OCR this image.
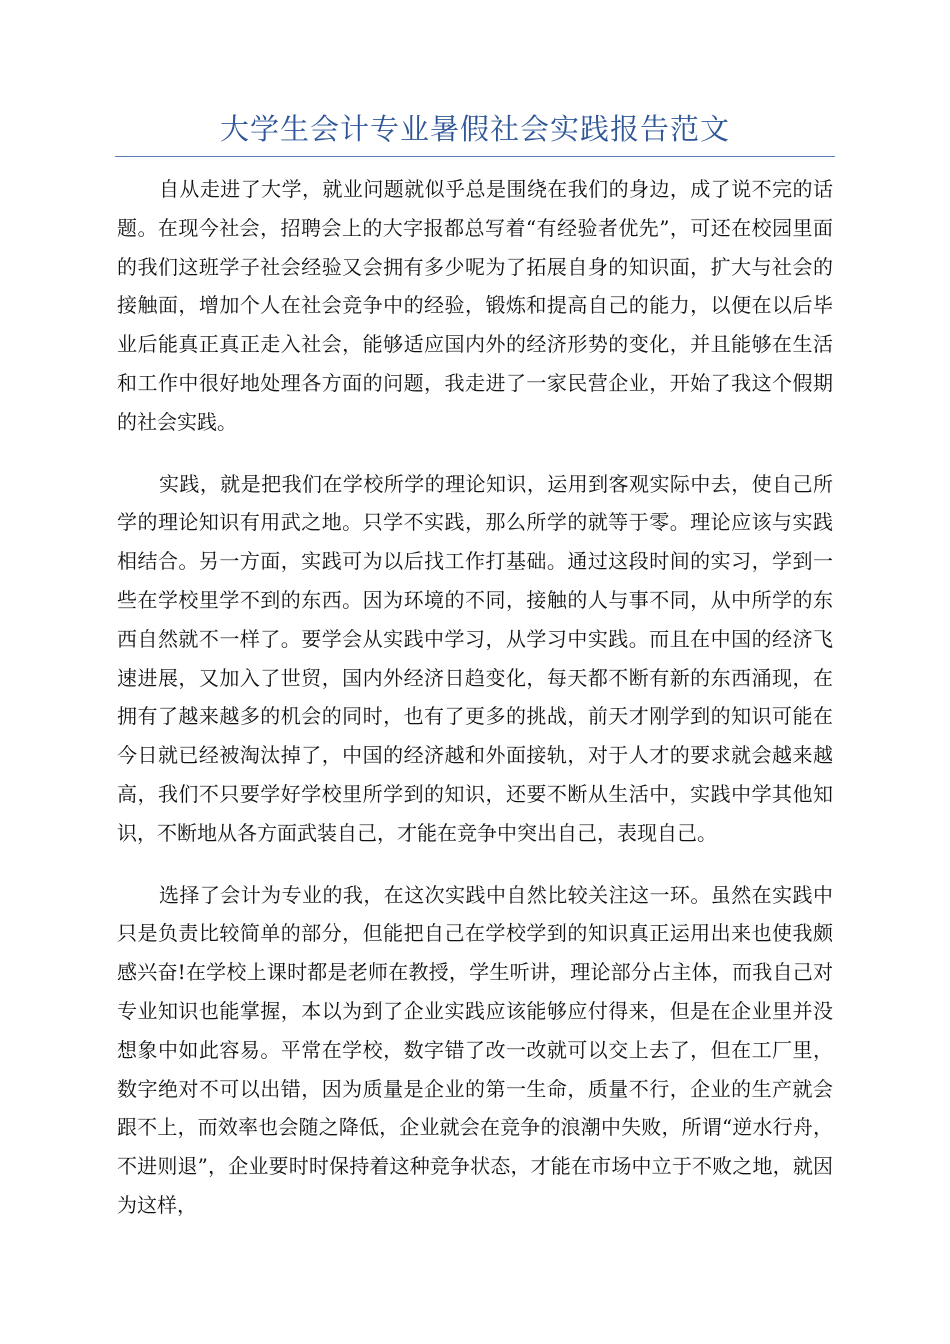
大学生会计专业暑假社会实践报告范文

自从走进了大学，就业问题就似乎总是围绕在我们的身边，成了说不完的话题。在现今社会，招聘会上的大字报都总写着“有经验者优先”，可还在校园里面的我们这班学子社会经验又会拥有多少呢为了拓展自身的知识面，扩大与社会的接触面，增加个人在社会竞争中的经验，锻炼和提高自己的能力，以便在以后毕业后能真正真正走入社会，能够适应国内外的经济形势的变化，并且能够在生活和工作中很好地处理各方面的问题，我走进了一家民营企业，开始了我这个假期的社会实践。

实践，就是把我们在学校所学的理论知识，运用到客观实际中去，使自己所学的理论知识有用武之地。只学不实践，那么所学的就等于零。理论应该与实践相结合。另一方面，实践可为以后找工作打基础。通过这段时间的实习，学到一些在学校里学不到的东西。因为环境的不同，接触的人与事不同，从中所学的东西自然就不一样了。要学会从实践中学习，从学习中实践。而且在中国的经济飞速进展，又加入了世贸，国内外经济日趋变化，每天都不断有新的东西涌现，在拥有了越来越多的机会的同时，也有了更多的挑战，前天才刚学到的知识可能在今日就已经被淘汰掉了，中国的经济越和外面接轨，对于人才的要求就会越来越高，我们不只要学好学校里所学到的知识，还要不断从生活中，实践中学其他知识，不断地从各方面武装自己，才能在竞争中突出自己，表现自己。

选择了会计为专业的我，在这次实践中自然比较关注这一环。虽然在实践中只是负责比较简单的部分，但能把自己在学校学到的知识真正运用出来也使我颇感兴奋!在学校上课时都是老师在教授，学生听讲，理论部分占主体，而我自己对专业知识也能掌握，本以为到了企业实践应该能够应付得来，但是在企业里并没想象中如此容易。平常在学校，数字错了改一改就可以交上去了，但在工厂里，数字绝对不可以出错，因为质量是企业的第一生命，质量不行，企业的生产就会跟不上，而效率也会随之降低，企业就会在竞争的浪潮中失败，所谓“逆水行舟，不进则退”，企业要时时保持着这种竞争状态，才能在市场中立于不败之地，就因为这样，
